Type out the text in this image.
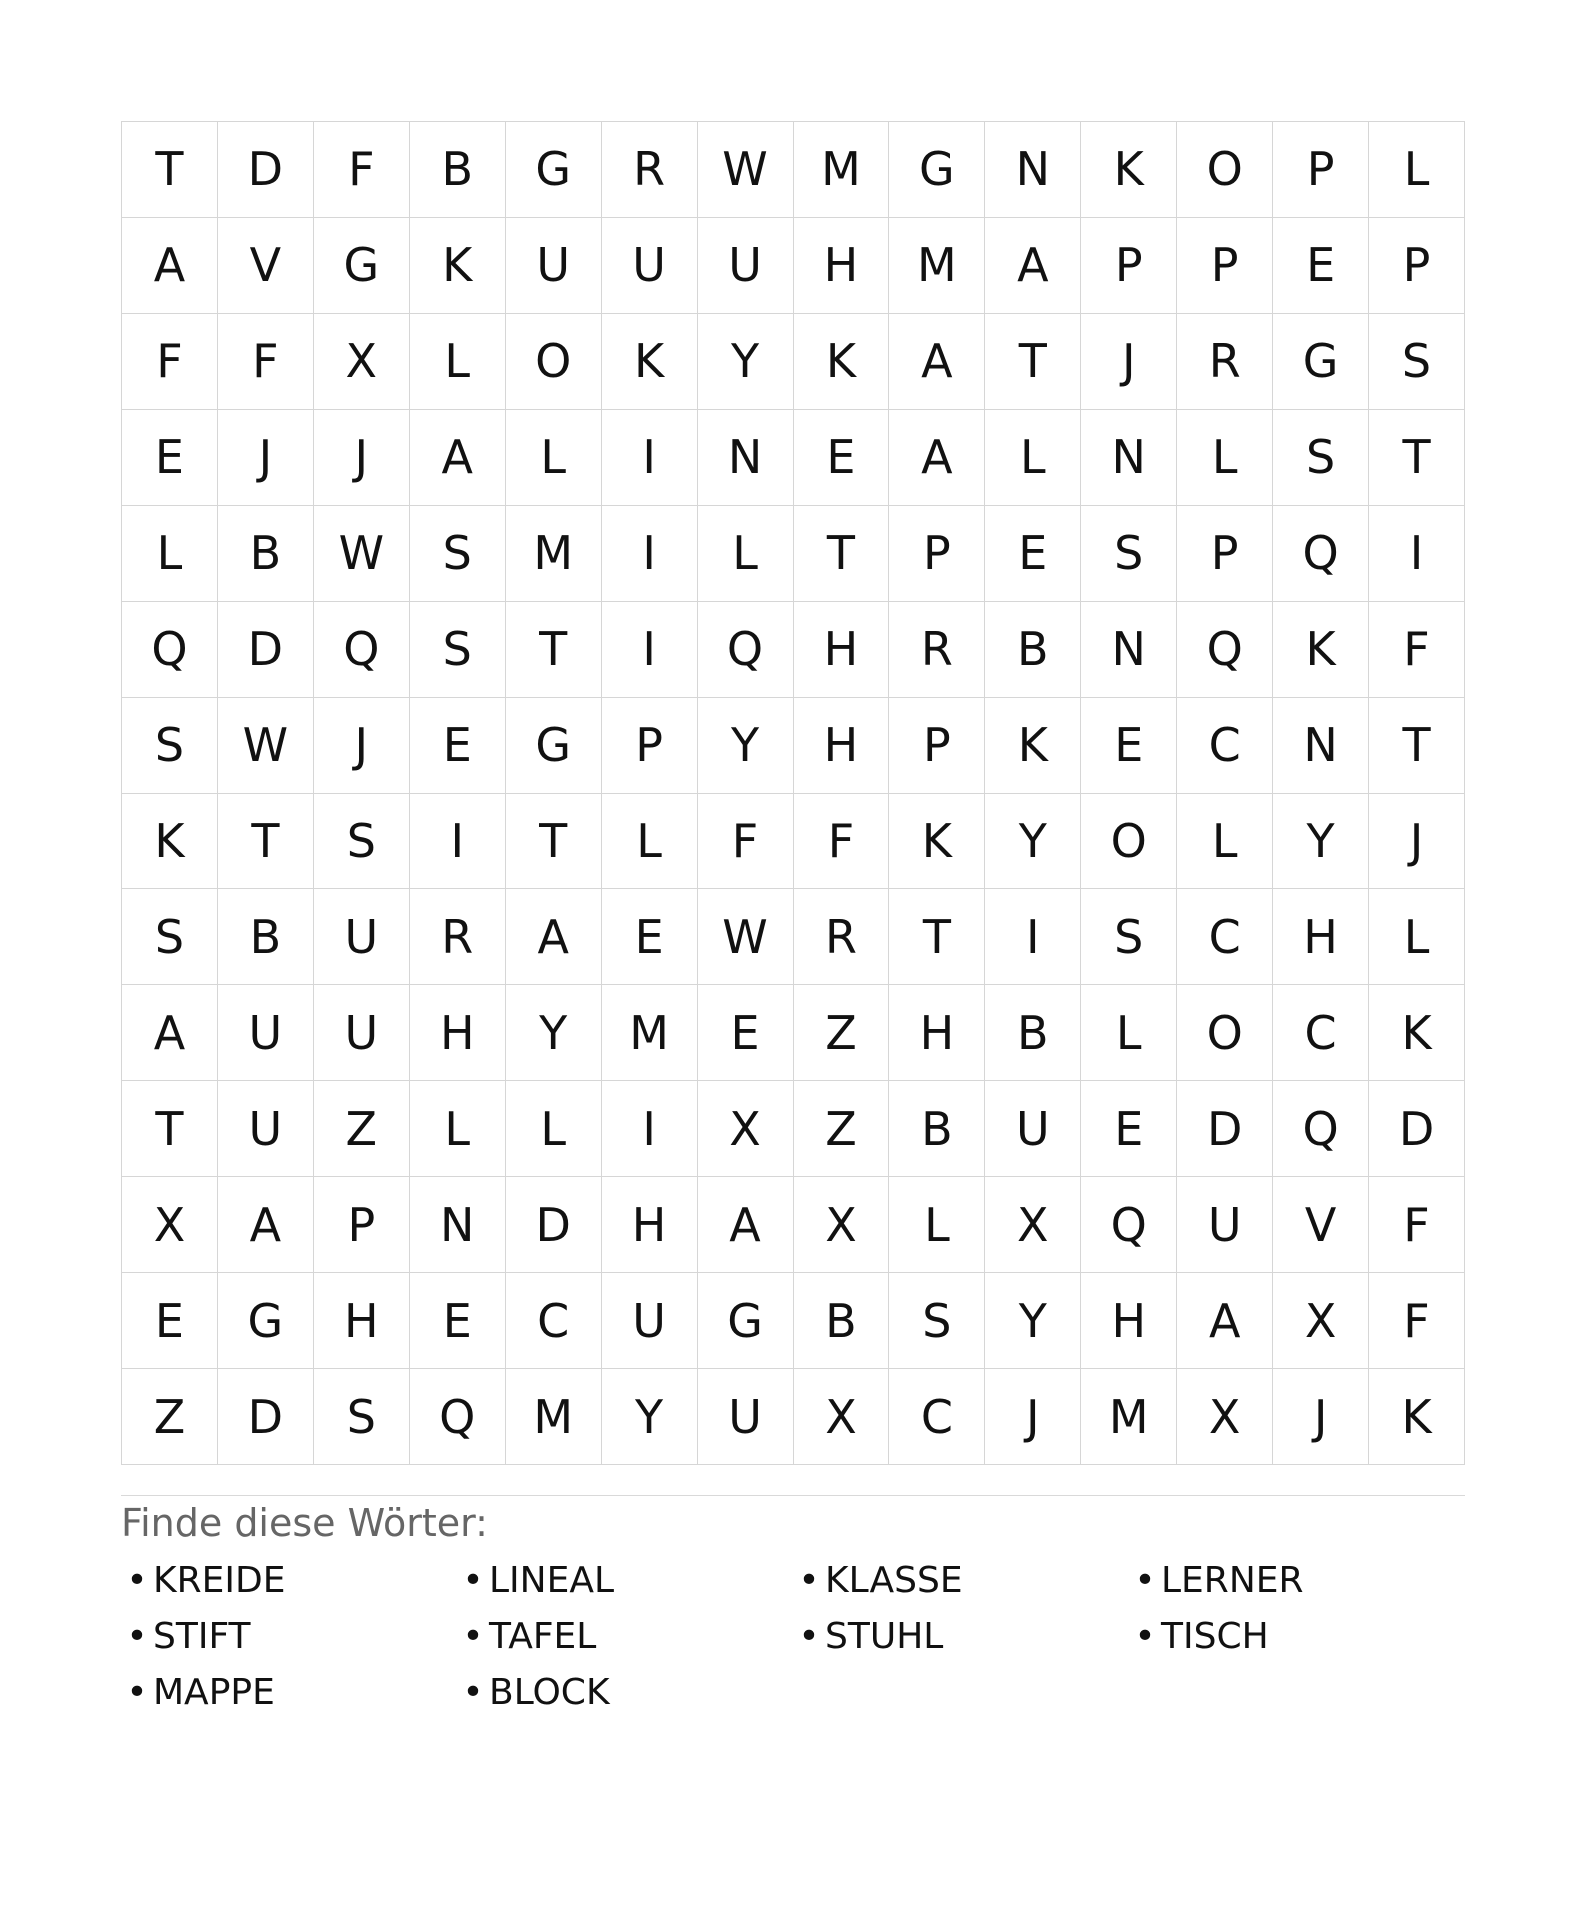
T	D	F	B	G	R	W	M	G	N	K	O	P	L
A	V	G	K	U	U	U	H	M	A	P	P	E	P
F	F	X	L	O	K	Y	K	A	T	J	R	G	S
E	J	J	A	L	I	N	E	A	L	N	L	S	T
L	B	W	S	M	I	L	T	P	E	S	P	Q	I
Q	D	Q	S	T	I	Q	H	R	B	N	Q	K	F
S	W	J	E	G	P	Y	H	P	K	E	C	N	T
K	T	S	I	T	L	F	F	K	Y	O	L	Y	J
S	B	U	R	A	E	W	R	T	I	S	C	H	L
A	U	U	H	Y	M	E	Z	H	B	L	O	C	K
T	U	Z	L	L	I	X	Z	B	U	E	D	Q	D
X	A	P	N	D	H	A	X	L	X	Q	U	V	F
E	G	H	E	C	U	G	B	S	Y	H	A	X	F
Z	D	S	Q	M	Y	U	X	C	J	M	X	J	K
Finde diese Wörter:
• KREIDE	• LINEAL	• KLASSE	• LERNER
• STIFT	• TAFEL	• STUHL	• TISCH
• MAPPE	• BLOCK
